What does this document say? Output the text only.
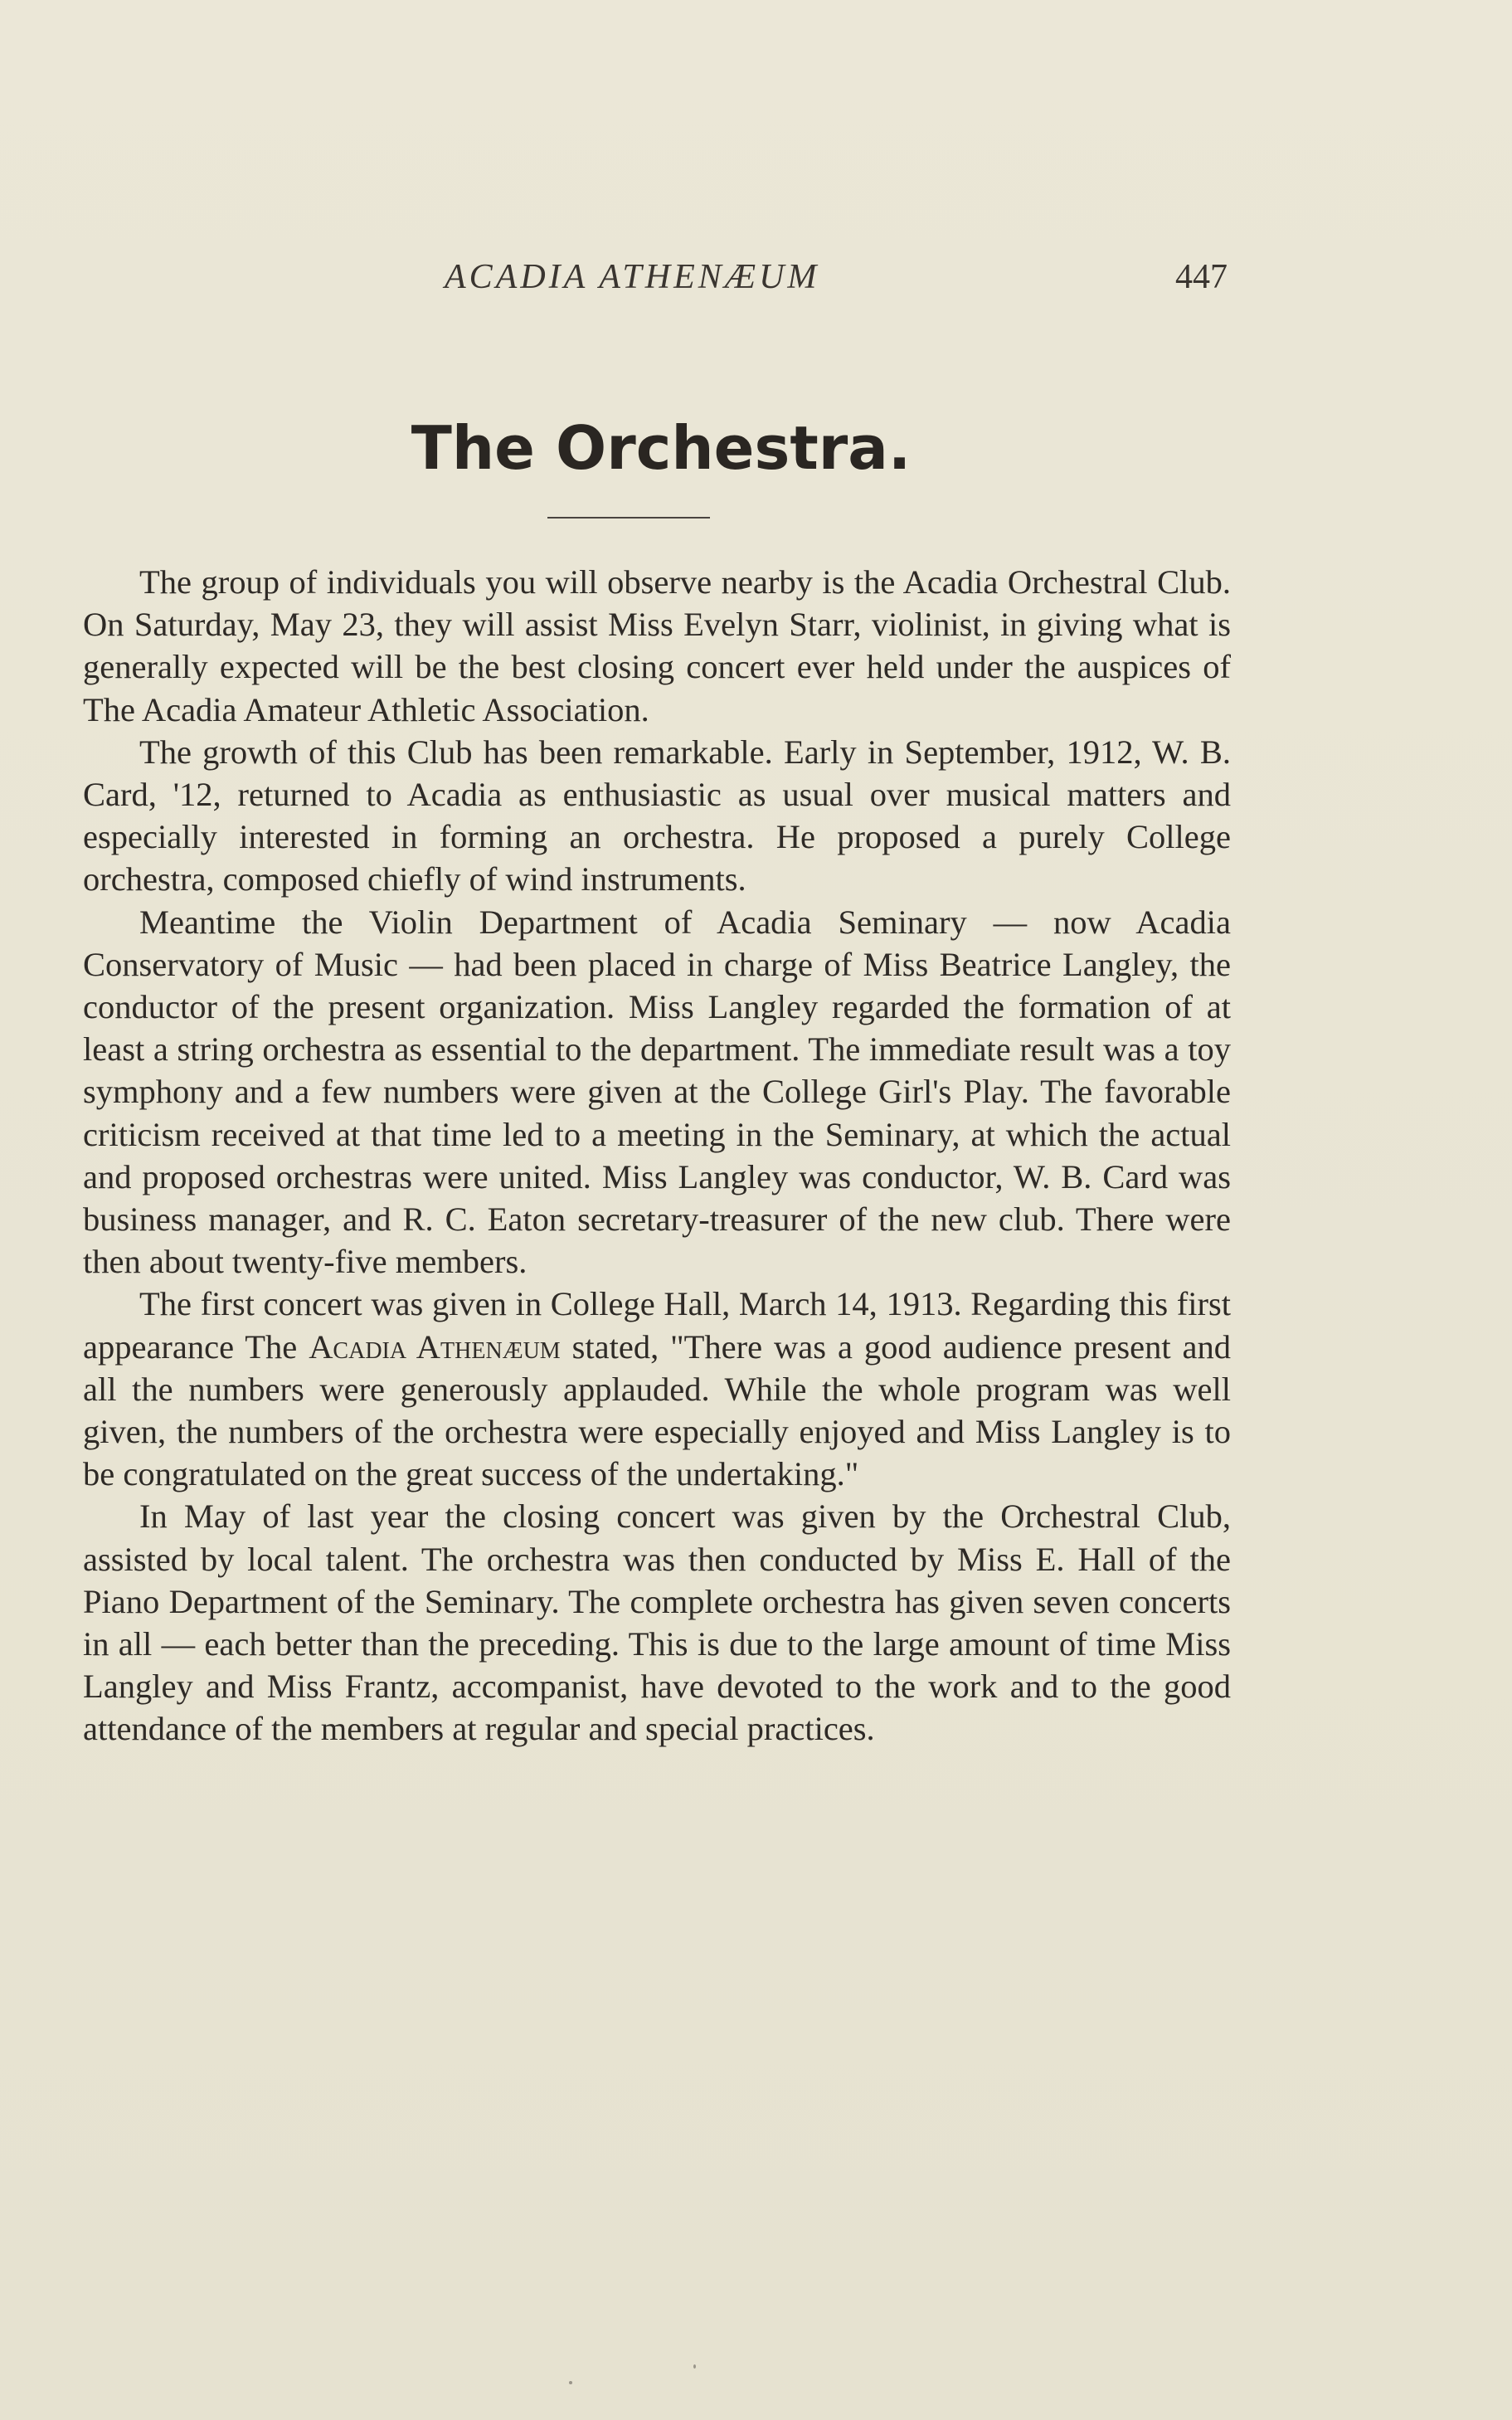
ACADIA ATHENÆUM	447
The Orchestra.

The group of individuals you will observe nearby is the Acadia Orchestral Club. On Saturday, May 23, they will assist Miss Evelyn Starr, violinist, in giving what is generally expected will be the best closing concert ever held under the auspices of The Acadia Amateur Athletic Association.

The growth of this Club has been remarkable. Early in September, 1912, W. B. Card, '12, returned to Acadia as enthusiastic as usual over musical matters and especially interested in forming an orchestra. He proposed a purely College orchestra, composed chiefly of wind instruments.

Meantime the Violin Department of Acadia Seminary — now Acadia Conservatory of Music — had been placed in charge of Miss Beatrice Langley, the conductor of the present organization. Miss Langley regarded the formation of at least a string orchestra as essential to the department. The immediate result was a toy symphony and a few numbers were given at the College Girl's Play. The favorable criticism received at that time led to a meeting in the Seminary, at which the actual and proposed orchestras were united. Miss Langley was conductor, W. B. Card was business manager, and R. C. Eaton secretary-treasurer of the new club. There were then about twenty-five members.

The first concert was given in College Hall, March 14, 1913. Regarding this first appearance The Acadia Athenæum stated, "There was a good audience present and all the numbers were generously applauded. While the whole program was well given, the numbers of the orchestra were especially enjoyed and Miss Langley is to be congratulated on the great success of the undertaking."

In May of last year the closing concert was given by the Orchestral Club, assisted by local talent. The orchestra was then conducted by Miss E. Hall of the Piano Department of the Seminary. The complete orchestra has given seven concerts in all — each better than the preceding. This is due to the large amount of time Miss Langley and Miss Frantz, accompanist, have devoted to the work and to the good attendance of the members at regular and special practices.
